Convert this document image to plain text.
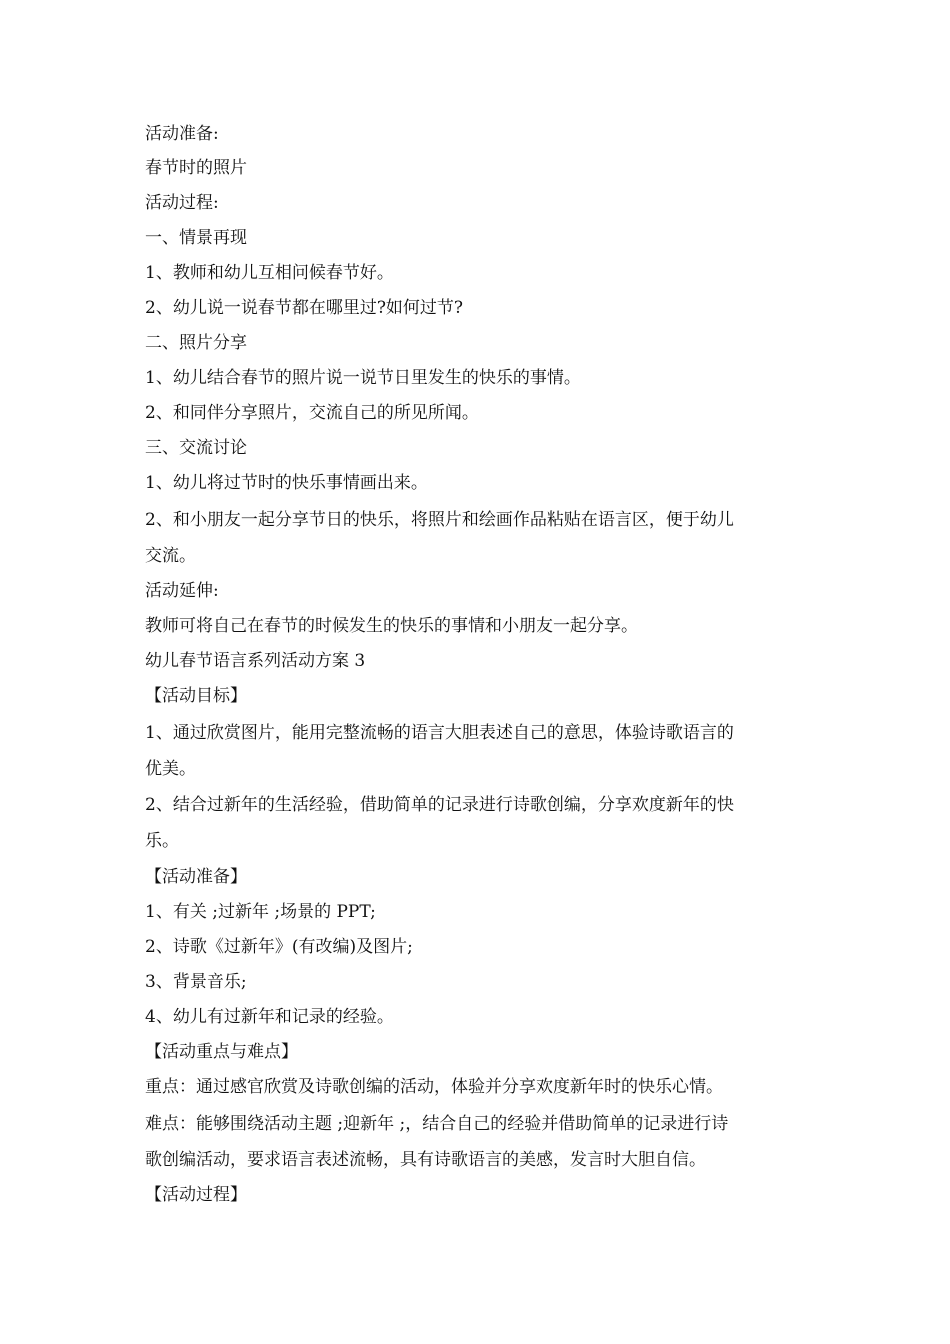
活动准备:
春节时的照片
活动过程:
一、情景再现
1、教师和幼儿互相问候春节好。
2、幼儿说一说春节都在哪里过?如何过节?
二、照片分享
1、幼儿结合春节的照片说一说节日里发生的快乐的事情。
2、和同伴分享照片，交流自己的所见所闻。
三、交流讨论
1、幼儿将过节时的快乐事情画出来。
2、和小朋友一起分享节日的快乐，将照片和绘画作品粘贴在语言区，便于幼儿
交流。
活动延伸:
教师可将自己在春节的时候发生的快乐的事情和小朋友一起分享。
幼儿春节语言系列活动方案 3
【活动目标】
1、通过欣赏图片，能用完整流畅的语言大胆表述自己的意思，体验诗歌语言的
优美。
2、结合过新年的生活经验，借助简单的记录进行诗歌创编，分享欢度新年的快
乐。
【活动准备】
1、有关 ;过新年 ;场景的 PPT;
2、诗歌《过新年》(有改编)及图片;
3、背景音乐;
4、幼儿有过新年和记录的经验。
【活动重点与难点】
重点：通过感官欣赏及诗歌创编的活动，体验并分享欢度新年时的快乐心情。
难点：能够围绕活动主题 ;迎新年 ;，结合自己的经验并借助简单的记录进行诗
歌创编活动，要求语言表述流畅，具有诗歌语言的美感，发言时大胆自信。
【活动过程】
